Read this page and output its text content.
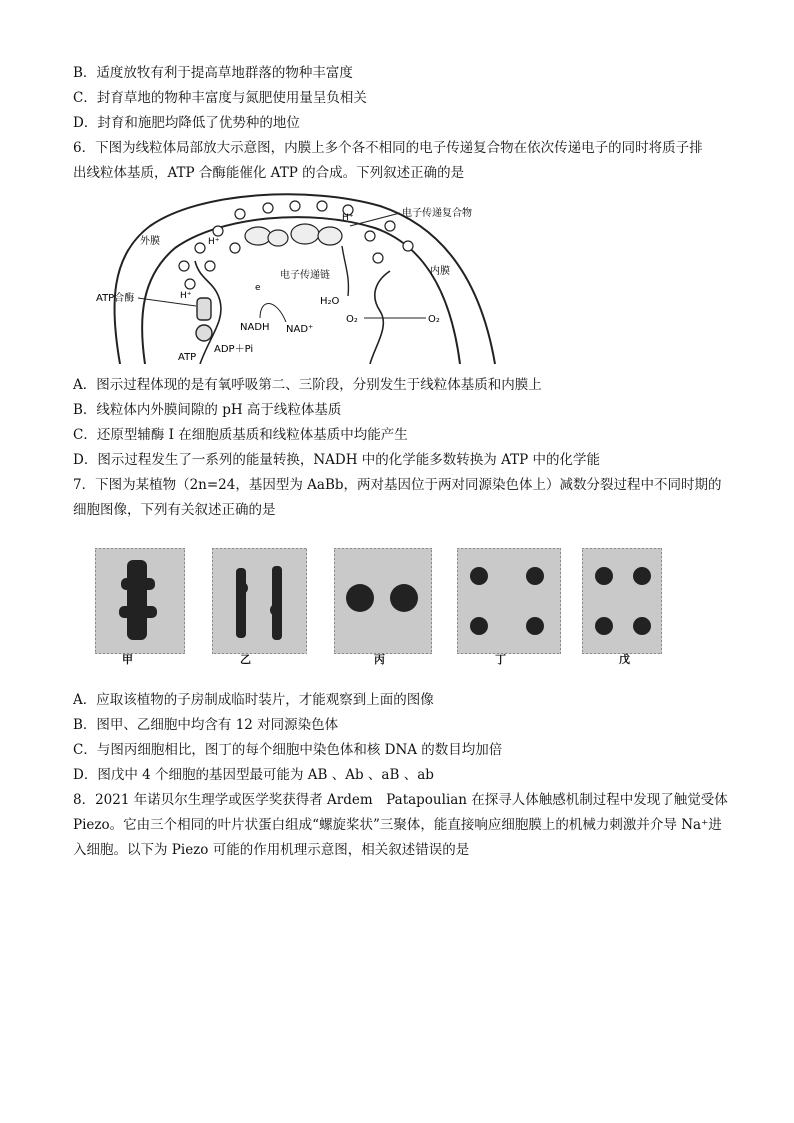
B．适度放牧有利于提高草地群落的物种丰富度
C．封育草地的物种丰富度与氮肥使用量呈负相关
D．封育和施肥均降低了优势种的地位
6．下图为线粒体局部放大示意图，内膜上多个各不相同的电子传递复合物在依次传递电子的同时将质子排
出线粒体基质，ATP 合酶能催化 ATP 的合成。下列叙述正确的是
外膜
内膜
电子传递复合物
电子传递链
ATP合酶
H⁺
H⁺
H⁺	H₂O
O₂	O₂
NADH NAD⁺
ATP
ADP＋Pi
e
A．图示过程体现的是有氧呼吸第二、三阶段，分别发生于线粒体基质和内膜上
B．线粒体内外膜间隙的 pH 高于线粒体基质
C．还原型辅酶 I 在细胞质基质和线粒体基质中均能产生
D．图示过程发生了一系列的能量转换，NADH 中的化学能多数转换为 ATP 中的化学能
7．下图为某植物（2n=24，基因型为 AaBb，两对基因位于两对同源染色体上）减数分裂过程中不同时期的
细胞图像，下列有关叙述正确的是
甲	乙	丙	丁	戊
A．应取该植物的子房制成临时装片，才能观察到上面的图像
B．图甲、乙细胞中均含有 12 对同源染色体
C．与图丙细胞相比，图丁的每个细胞中染色体和核 DNA 的数目均加倍
D．图戊中 4 个细胞的基因型最可能为 AB 、Ab 、aB 、ab
8．2021 年诺贝尔生理学或医学奖获得者 Ardem　Patapoulian 在探寻人体触感机制过程中发现了触觉受体
Piezo。它由三个相同的叶片状蛋白组成“螺旋桨状”三聚体，能直接响应细胞膜上的机械力刺激并介导 Na⁺进
入细胞。以下为 Piezo 可能的作用机理示意图，相关叙述错误的是
